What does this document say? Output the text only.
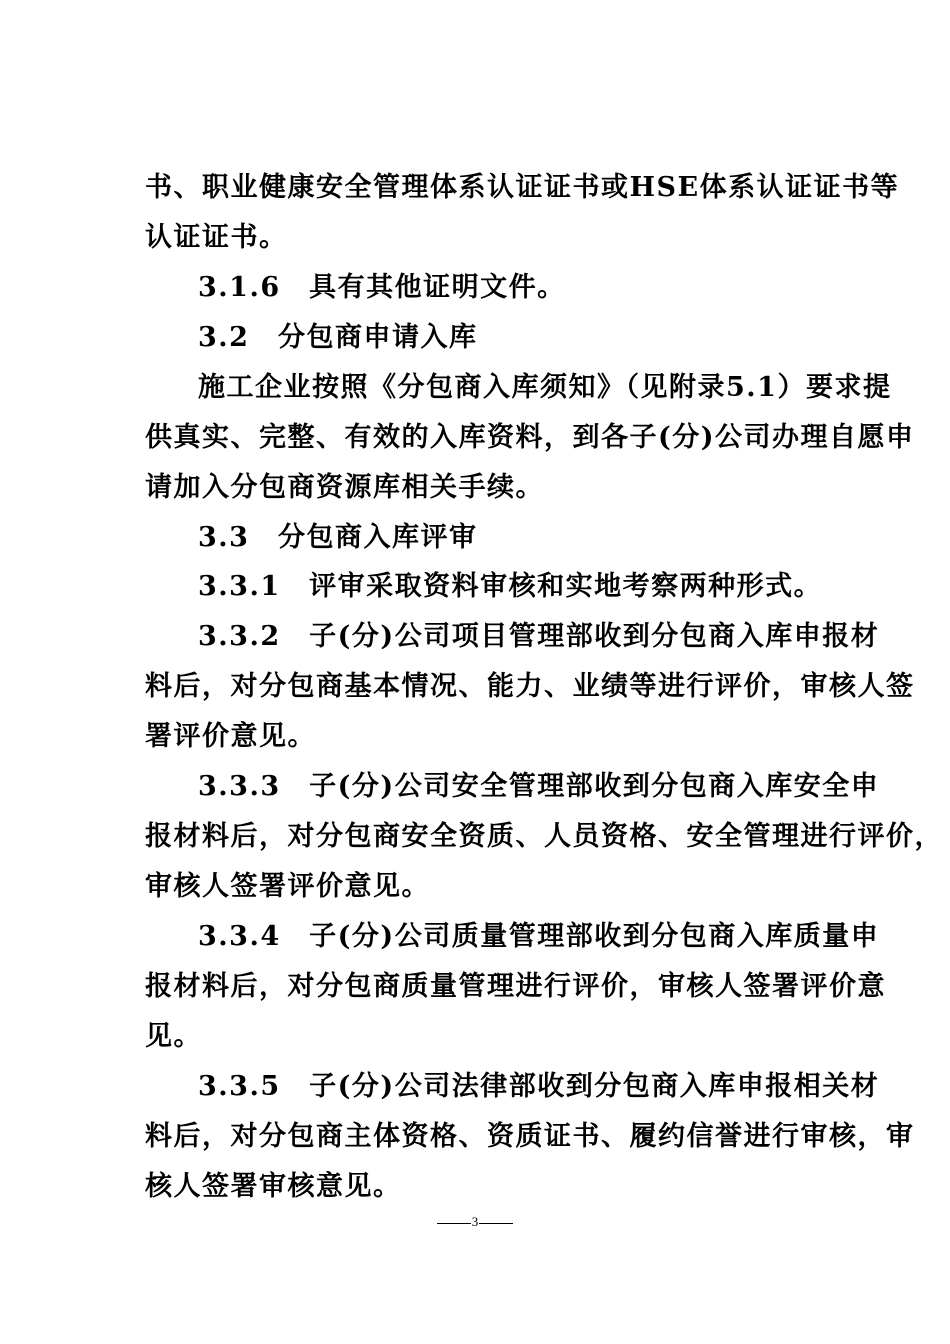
书、职业健康安全管理体系认证证书或HSE体系认证证书等
认证证书。
3.1.6　具有其他证明文件。
3.2　分包商申请入库
施工企业按照《分包商入库须知》（见附录5.1）要求提
供真实、完整、有效的入库资料，到各子(分)公司办理自愿申
请加入分包商资源库相关手续。
3.3　分包商入库评审
3.3.1　评审采取资料审核和实地考察两种形式。
3.3.2　子(分)公司项目管理部收到分包商入库申报材
料后，对分包商基本情况、能力、业绩等进行评价，审核人签
署评价意见。
3.3.3　子(分)公司安全管理部收到分包商入库安全申
报材料后，对分包商安全资质、人员资格、安全管理进行评价，
审核人签署评价意见。
3.3.4　子(分)公司质量管理部收到分包商入库质量申
报材料后，对分包商质量管理进行评价，审核人签署评价意
见。
3.3.5　子(分)公司法律部收到分包商入库申报相关材
料后，对分包商主体资格、资质证书、履约信誉进行审核，审
核人签署审核意见。
3
